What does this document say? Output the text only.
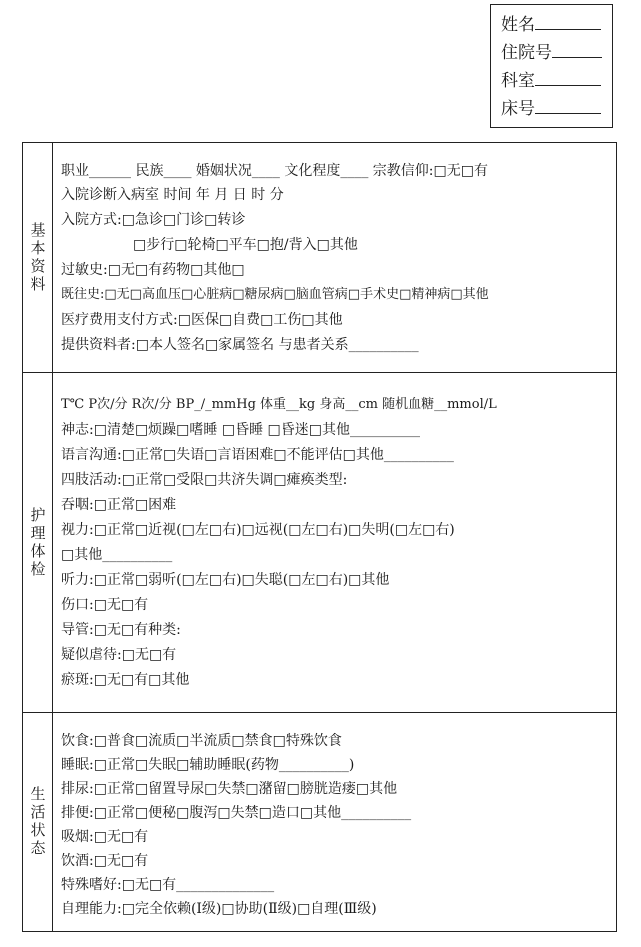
姓名
住院号
科室
床号
基本资料
职业______ 民族____ 婚姻状况____ 文化程度____ 宗教信仰:□无□有
入院诊断入病室 时间 年 月 日 时 分
入院方式:□急诊□门诊□转诊
□步行□轮椅□平车□抱/背入□其他
过敏史:□无□有药物□其他□
既往史:□无□高血压□心脏病□糖尿病□脑血管病□手术史□精神病□其他
医疗费用支付方式:□医保□自费□工伤□其他
提供资料者:□本人签名□家属签名 与患者关系__________
护理体检
T℃ P次/分 R次/分 BP_/_mmHg 体重__kg 身高__cm 随机血糖__mmol/L
神志:□清楚□烦躁□嗜睡 □昏睡 □昏迷□其他__________
语言沟通:□正常□失语□言语困难□不能评估□其他__________
四肢活动:□正常□受限□共济失调□瘫痪类型:
吞咽:□正常□困难
视力:□正常□近视(□左□右)□远视(□左□右)□失明(□左□右)
□其他__________
听力:□正常□弱听(□左□右)□失聪(□左□右)□其他
伤口:□无□有
导管:□无□有种类:
疑似虐待:□无□有
瘀斑:□无□有□其他
生活状态
饮食:□普食□流质□半流质□禁食□特殊饮食
睡眠:□正常□失眠□辅助睡眠(药物__________)
排尿:□正常□留置导尿□失禁□潴留□膀胱造瘘□其他
排便:□正常□便秘□腹泻□失禁□造口□其他__________
吸烟:□无□有
饮酒:□无□有
特殊嗜好:□无□有______________
自理能力:□完全依赖(Ⅰ级)□协助(Ⅱ级)□自理(Ⅲ级)
